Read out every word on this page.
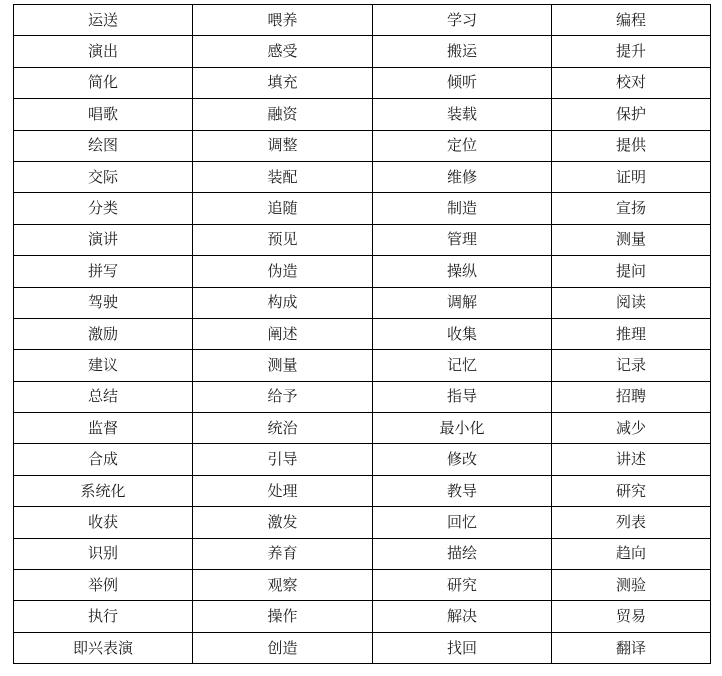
运送	喂养	学习	编程
演出	感受	搬运	提升
简化	填充	倾听	校对
唱歌	融资	装载	保护
绘图	调整	定位	提供
交际	装配	维修	证明
分类	追随	制造	宣扬
演讲	预见	管理	测量
拼写	伪造	操纵	提问
驾驶	构成	调解	阅读
激励	阐述	收集	推理
建议	测量	记忆	记录
总结	给予	指导	招聘
监督	统治	最小化	减少
合成	引导	修改	讲述
系统化	处理	教导	研究
收获	激发	回忆	列表
识别	养育	描绘	趋向
举例	观察	研究	测验
执行	操作	解决	贸易
即兴表演	创造	找回	翻译
